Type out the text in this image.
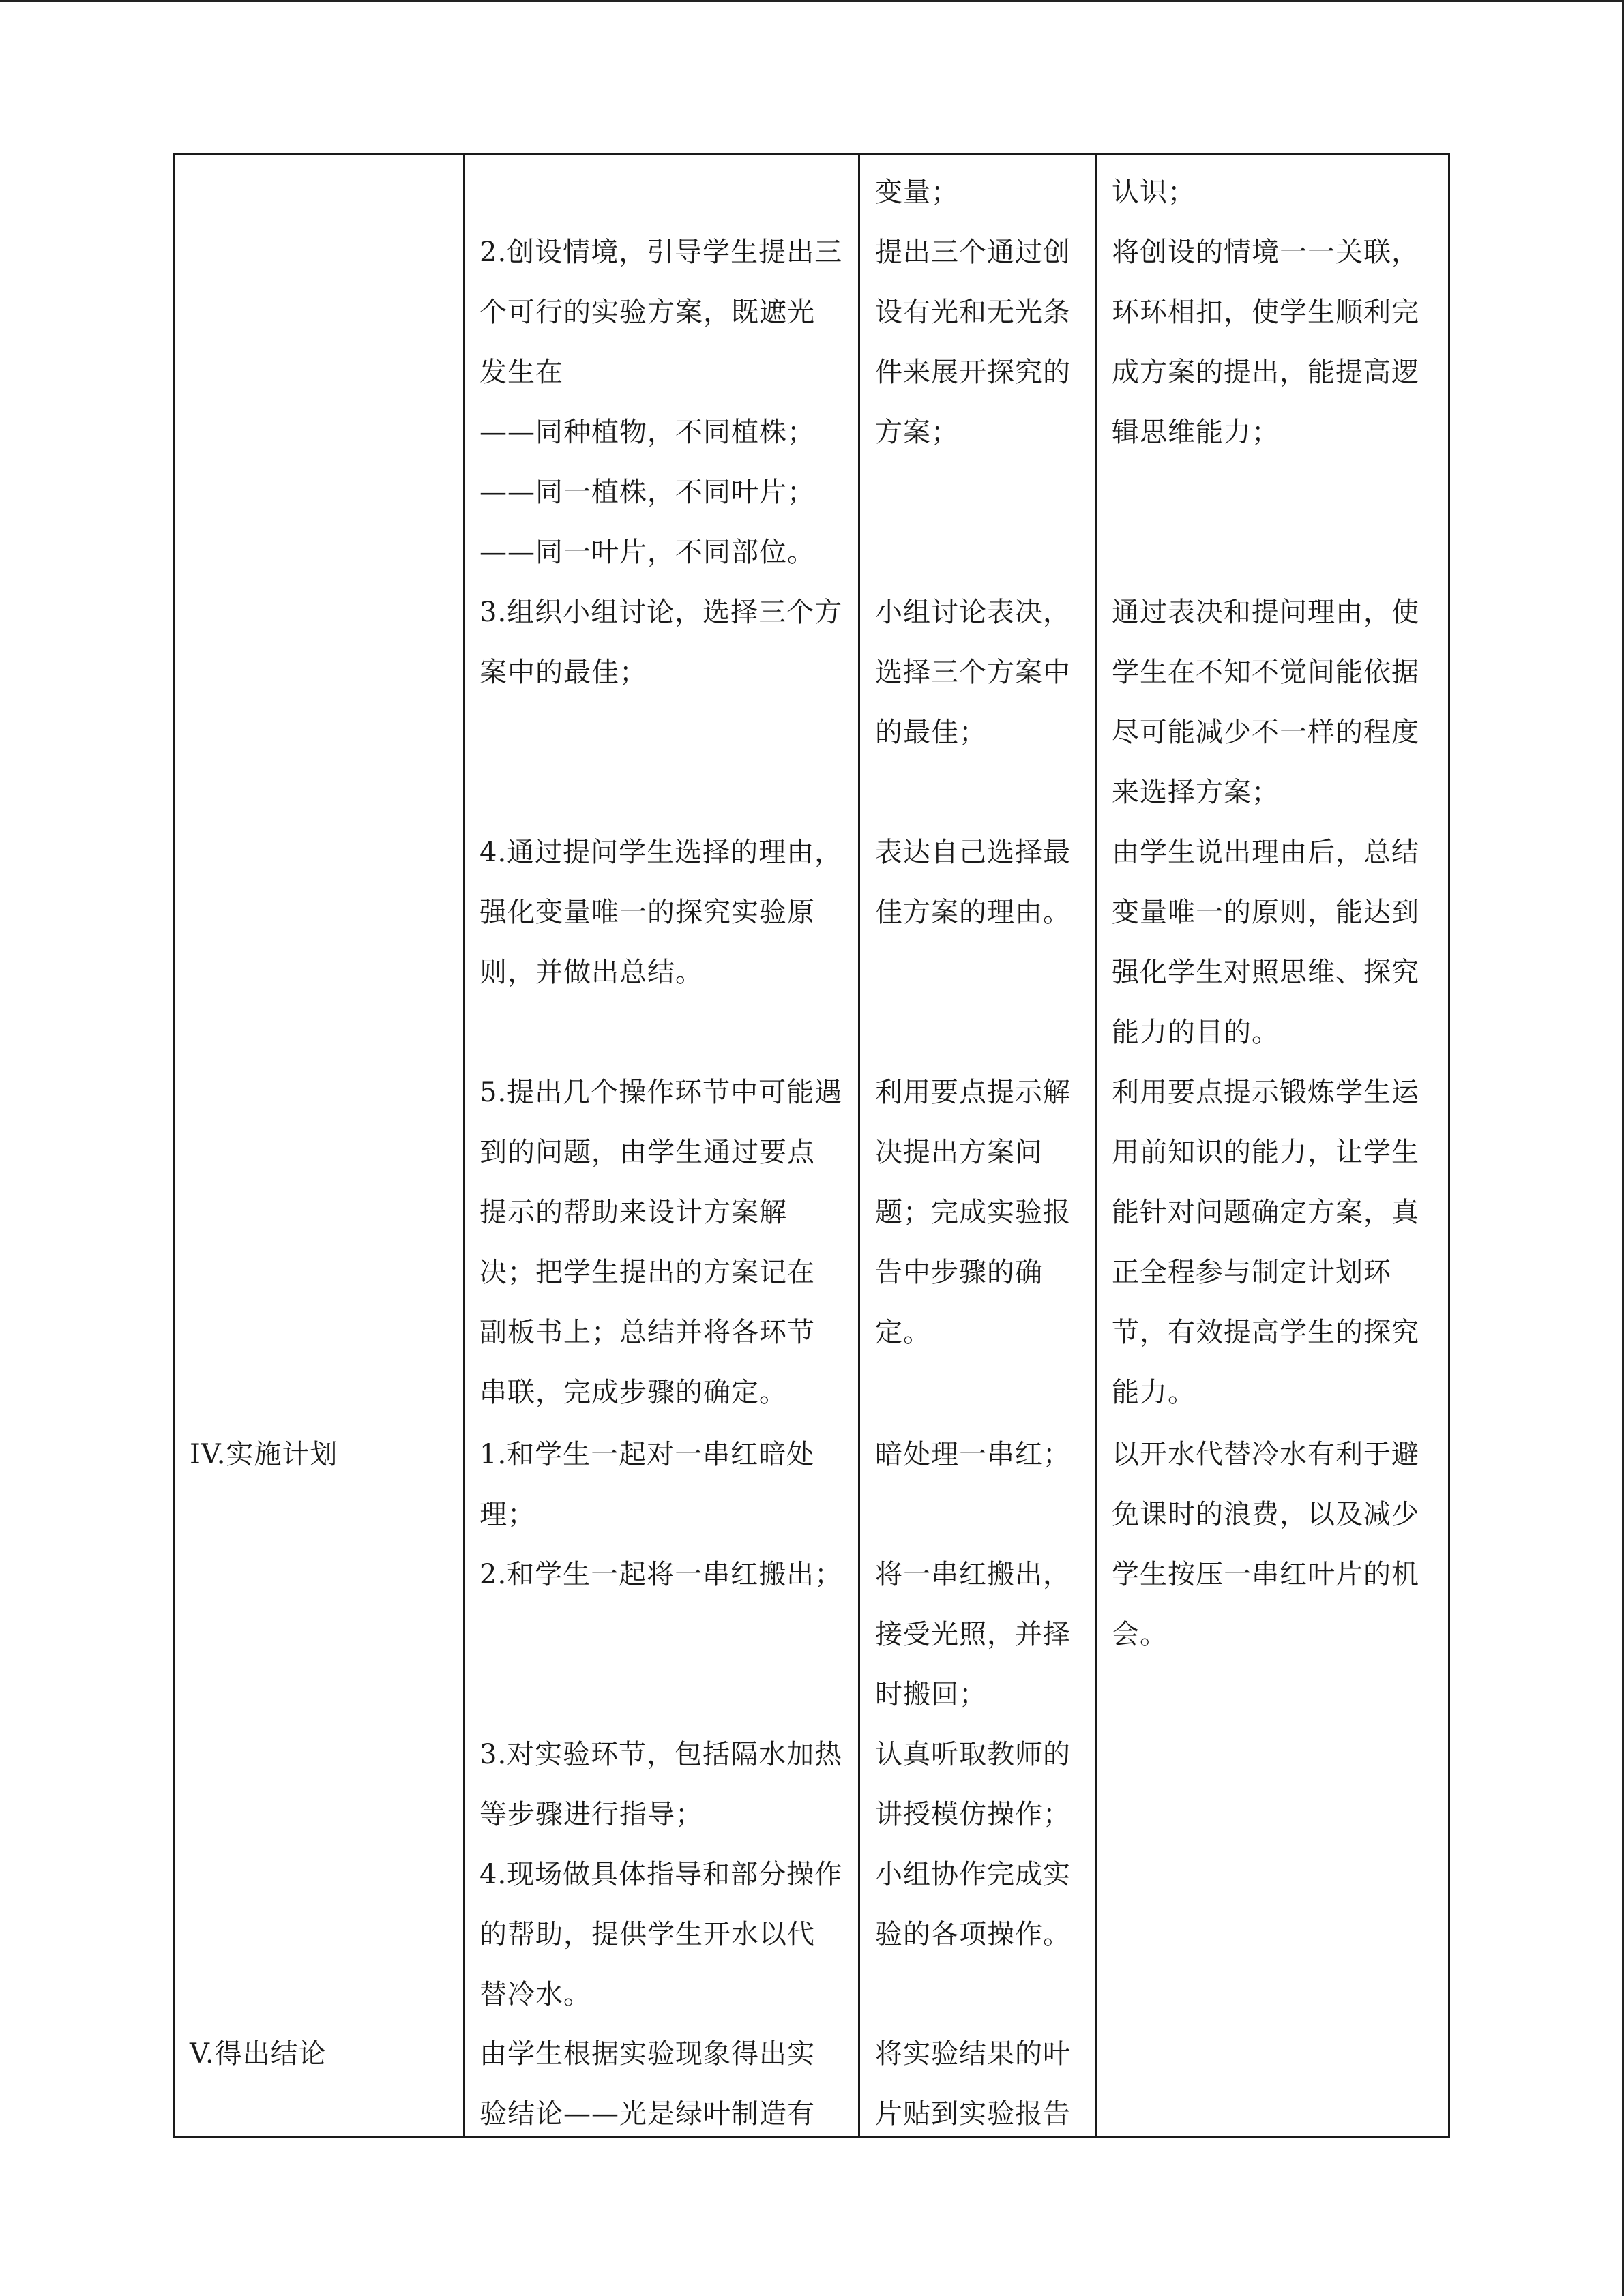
IV.实施计划
V.得出结论
2.创设情境，引导学生提出三
个可行的实验方案，既遮光
发生在
——同种植物，不同植株；
——同一植株，不同叶片；
——同一叶片，不同部位。
3.组织小组讨论，选择三个方
案中的最佳；
4.通过提问学生选择的理由，
强化变量唯一的探究实验原
则，并做出总结。
5.提出几个操作环节中可能遇
到的问题，由学生通过要点
提示的帮助来设计方案解
决；把学生提出的方案记在
副板书上；总结并将各环节
串联，完成步骤的确定。
1.和学生一起对一串红暗处
理；
2.和学生一起将一串红搬出；
3.对实验环节，包括隔水加热
等步骤进行指导；
4.现场做具体指导和部分操作
的帮助，提供学生开水以代
替冷水。
由学生根据实验现象得出实
验结论——光是绿叶制造有
变量；
提出三个通过创
设有光和无光条
件来展开探究的
方案；
小组讨论表决，
选择三个方案中
的最佳；
表达自己选择最
佳方案的理由。
利用要点提示解
决提出方案问
题；完成实验报
告中步骤的确
定。
暗处理一串红；
将一串红搬出，
接受光照，并择
时搬回；
认真听取教师的
讲授模仿操作；
小组协作完成实
验的各项操作。
将实验结果的叶
片贴到实验报告
认识；
将创设的情境一一关联，
环环相扣，使学生顺利完
成方案的提出，能提高逻
辑思维能力；
通过表决和提问理由，使
学生在不知不觉间能依据
尽可能减少不一样的程度
来选择方案；
由学生说出理由后，总结
变量唯一的原则，能达到
强化学生对照思维、探究
能力的目的。
利用要点提示锻炼学生运
用前知识的能力，让学生
能针对问题确定方案，真
正全程参与制定计划环
节，有效提高学生的探究
能力。
以开水代替冷水有利于避
免课时的浪费，以及减少
学生按压一串红叶片的机
会。
